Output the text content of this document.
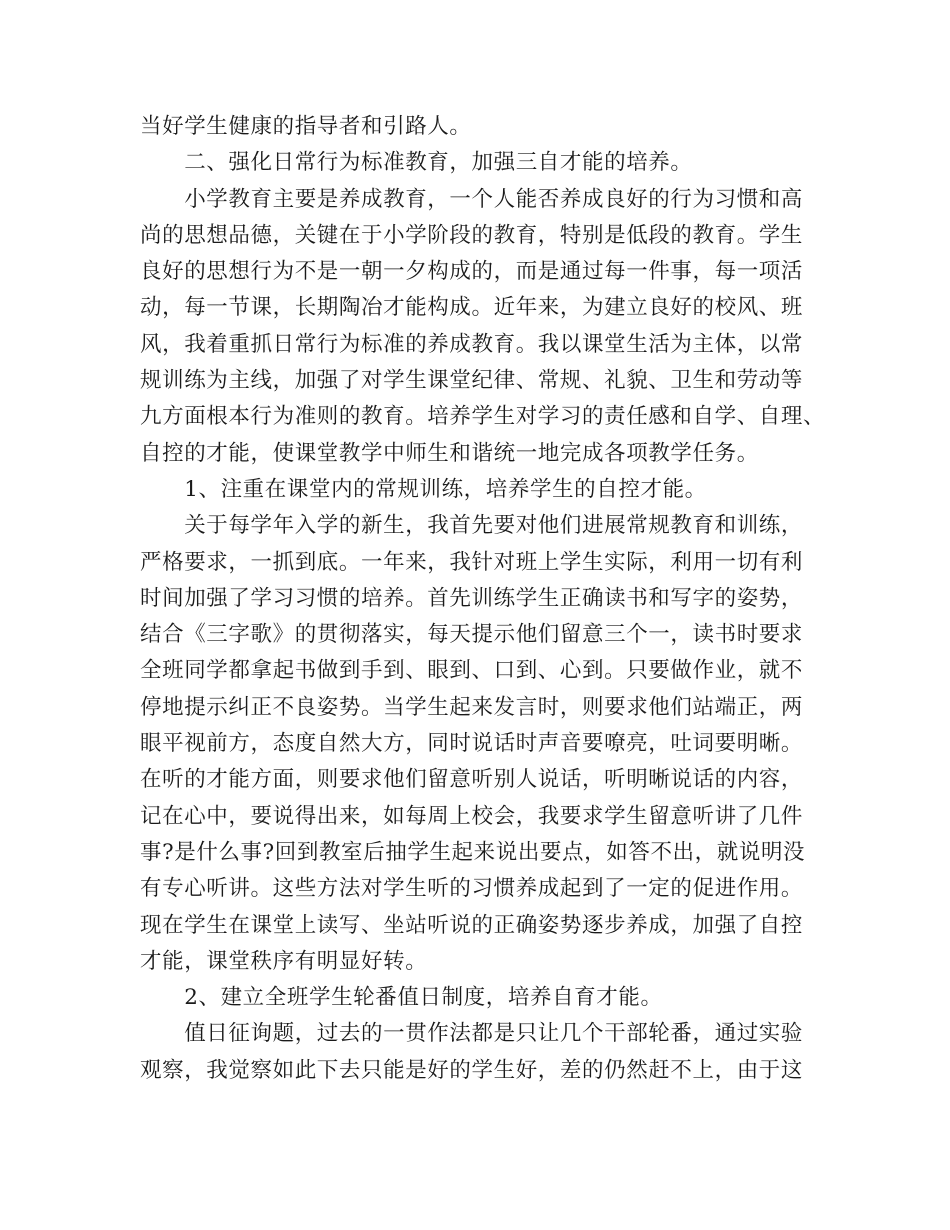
当好学生健康的指导者和引路人。
　　二、强化日常行为标准教育，加强三自才能的培养。
　　小学教育主要是养成教育，一个人能否养成良好的行为习惯和高
尚的思想品德，关键在于小学阶段的教育，特别是低段的教育。学生
良好的思想行为不是一朝一夕构成的，而是通过每一件事，每一项活
动，每一节课，长期陶冶才能构成。近年来，为建立良好的校风、班
风，我着重抓日常行为标准的养成教育。我以课堂生活为主体，以常
规训练为主线，加强了对学生课堂纪律、常规、礼貌、卫生和劳动等
九方面根本行为准则的教育。培养学生对学习的责任感和自学、自理、
自控的才能，使课堂教学中师生和谐统一地完成各项教学任务。
　　1、注重在课堂内的常规训练，培养学生的自控才能。
　　关于每学年入学的新生，我首先要对他们进展常规教育和训练，
严格要求，一抓到底。一年来，我针对班上学生实际，利用一切有利
时间加强了学习习惯的培养。首先训练学生正确读书和写字的姿势，
结合《三字歌》的贯彻落实，每天提示他们留意三个一，读书时要求
全班同学都拿起书做到手到、眼到、口到、心到。只要做作业，就不
停地提示纠正不良姿势。当学生起来发言时，则要求他们站端正，两
眼平视前方，态度自然大方，同时说话时声音要嘹亮，吐词要明晰。
在听的才能方面，则要求他们留意听别人说话，听明晰说话的内容，
记在心中，要说得出来，如每周上校会，我要求学生留意听讲了几件
事?是什么事?回到教室后抽学生起来说出要点，如答不出，就说明没
有专心听讲。这些方法对学生听的习惯养成起到了一定的促进作用。
现在学生在课堂上读写、坐站听说的正确姿势逐步养成，加强了自控
才能，课堂秩序有明显好转。
　　2、建立全班学生轮番值日制度，培养自育才能。
　　值日征询题，过去的一贯作法都是只让几个干部轮番，通过实验
观察，我觉察如此下去只能是好的学生好，差的仍然赶不上，由于这
